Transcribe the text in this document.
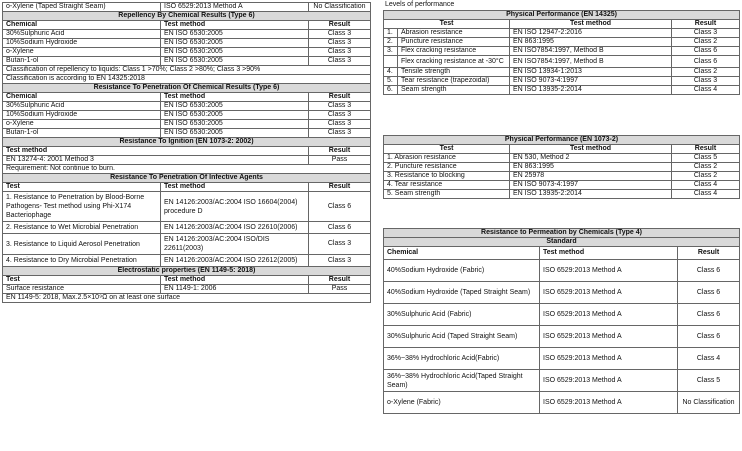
o-Xylene (Taped Straight Seam)	ISO 6529:2013 Method A	No Classification
Repellency By Chemical Results (Type 6)		
Chemical	Test method	Result
30%Sulphuric Acid	EN ISO 6530:2005	Class 3
10%Sodium Hydroxide	EN ISO 6530:2005	Class 3
o-Xylene	EN ISO 6530:2005	Class 3
Butan-1-ol	EN ISO 6530:2005	Class 3
Classification of repellency to liquids: Class 1 >70%; Class 2 >80%; Class 3 >90%		
Classification is according to EN 14325:2018		
Resistance To Penetration Of Chemical Results (Type 6)		
Chemical	Test method	Result
30%Sulphuric Acid	EN ISO 6530:2005	Class 3
10%Sodium Hydroxide	EN ISO 6530:2005	Class 3
o-Xylene	EN ISO 6530:2005	Class 3
Butan-1-ol	EN ISO 6530:2005	Class 3
Resistance To Ignition (EN 1073-2: 2002)		
Test method		Result
EN 13274-4: 2001 Method 3		Pass
Requirement: Not continue to burn.		
Resistance To Penetration Of Infective Agents		
Test	Test method	Result
1. Resistance to Penetration by Blood-Borne Pathogens- Test method using Phi-X174 Bacteriophage	EN 14126:2003/AC:2004 ISO 16604(2004) procedure D	Class 6
2. Resistance to Wet Microbial Penetration	EN 14126:2003/AC:2004 ISO 22610(2006)	Class 6
3. Resistance to Liquid Aerosol Penetration	EN 14126:2003/AC:2004 ISO/DIS 22611(2003)	Class 3
4. Resistance to Dry Microbial Penetration	EN 14126:2003/AC:2004 ISO 22612(2005)	Class 3
Electrostatic properties (EN 1149-5: 2018)		
Test	Test method	Result
Surface resistance	EN 1149-1: 2006	Pass
EN 1149-5: 2018, Max.2.5×10⁹Ω on at least one surface		
Levels of performance
Physical Performance (EN 14325)			
Test		Test method	Result
1.	Abrasion resistance	EN ISO 12947-2:2016	Class 3
2.	Puncture resistance	EN 863:1995	Class 2
3.	Flex cracking resistance	EN ISO7854:1997, Method B	Class 6
	Flex cracking resistance at -30°C	EN ISO7854:1997, Method B	Class 6
4.	Tensile strength	EN ISO 13934-1:2013	Class 2
5.	Tear resistance (trapezoidal)	EN ISO 9073-4:1997	Class 3
6.	Seam strength	EN ISO 13935-2:2014	Class 4
Physical Performance (EN 1073-2)		
Test	Test method	Result
1. Abrasion resistance	EN 530, Method 2	Class 5
2. Puncture resistance	EN 863:1995	Class 2
3. Resistance to blocking	EN 25978	Class 2
4. Tear resistance	EN ISO 9073-4:1997	Class 4
5. Seam strength	EN ISO 13935-2:2014	Class 4
Resistance to Permeation by Chemicals (Type 4)		
Standard		
Chemical	Test method	Result
40%Sodium Hydroxide (Fabric)	ISO 6529:2013 Method A	Class 6
40%Sodium Hydroxide (Taped Straight Seam)	ISO 6529:2013 Method A	Class 6
30%Sulphuric Acid (Fabric)	ISO 6529:2013 Method A	Class 6
30%Sulphuric Acid (Taped Straight Seam)	ISO 6529:2013 Method A	Class 6
36%~38% Hydrochloric Acid(Fabric)	ISO 6529:2013 Method A	Class 4
36%~38% Hydrochloric Acid(Taped Straight Seam)	ISO 6529:2013 Method A	Class 5
o-Xylene (Fabric)	ISO 6529:2013 Method A	No Classification
